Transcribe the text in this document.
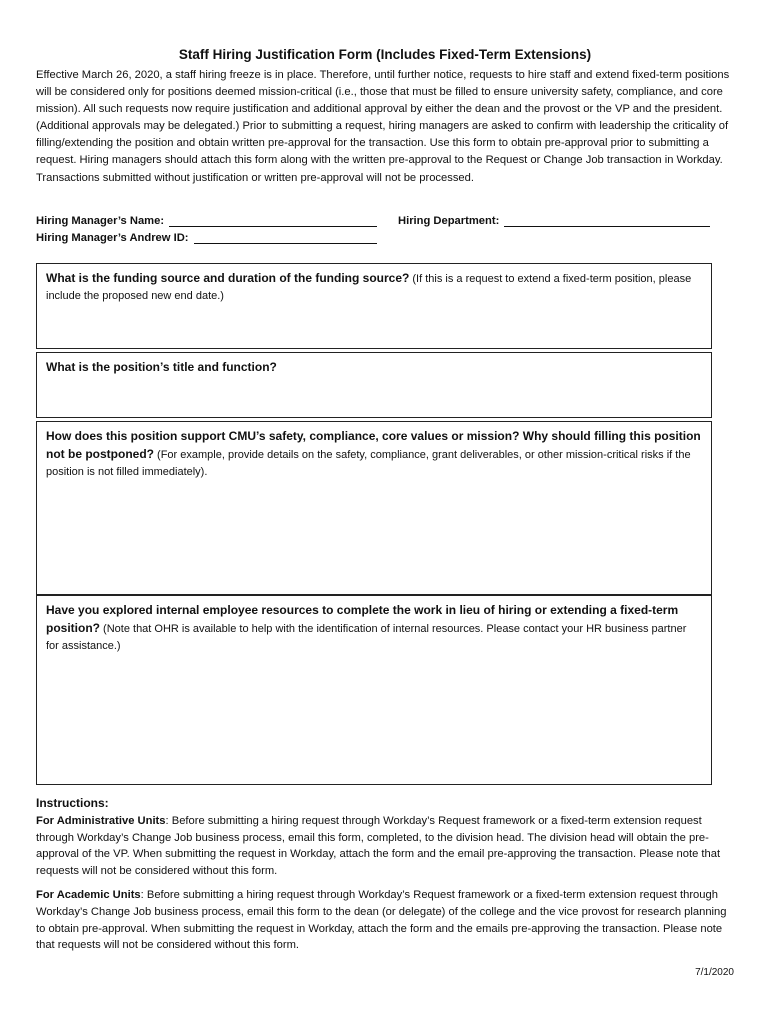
Staff Hiring Justification Form (Includes Fixed-Term Extensions)
Effective March 26, 2020, a staff hiring freeze is in place. Therefore, until further notice, requests to hire staff and extend fixed-term positions will be considered only for positions deemed mission-critical (i.e., those that must be filled to ensure university safety, compliance, and core mission). All such requests now require justification and additional approval by either the dean and the provost or the VP and the president. (Additional approvals may be delegated.) Prior to submitting a request, hiring managers are asked to confirm with leadership the criticality of filling/extending the position and obtain written pre-approval for the transaction. Use this form to obtain pre-approval prior to submitting a request. Hiring managers should attach this form along with the written pre-approval to the Request or Change Job transaction in Workday. Transactions submitted without justification or written pre-approval will not be processed.
Hiring Manager’s Name:	Hiring Department:
Hiring Manager’s Andrew ID:
What is the funding source and duration of the funding source? (If this is a request to extend a fixed-term position, please include the proposed new end date.)
What is the position’s title and function?
How does this position support CMU’s safety, compliance, core values or mission? Why should filling this position not be postponed? (For example, provide details on the safety, compliance, grant deliverables, or other mission-critical risks if the position is not filled immediately).
Have you explored internal employee resources to complete the work in lieu of hiring or extending a fixed-term position? (Note that OHR is available to help with the identification of internal resources. Please contact your HR business partner for assistance.)
Instructions:

For Administrative Units: Before submitting a hiring request through Workday’s Request framework or a fixed-term extension request through Workday’s Change Job business process, email this form, completed, to the division head. The division head will obtain the pre-approval of the VP. When submitting the request in Workday, attach the form and the email pre-approving the transaction. Please note that requests will not be considered without this form.

For Academic Units: Before submitting a hiring request through Workday’s Request framework or a fixed-term extension request through Workday’s Change Job business process, email this form to the dean (or delegate) of the college and the vice provost for research planning to obtain pre-approval. When submitting the request in Workday, attach the form and the emails pre-approving the transaction. Please note that requests will not be considered without this form.

7/1/2020
